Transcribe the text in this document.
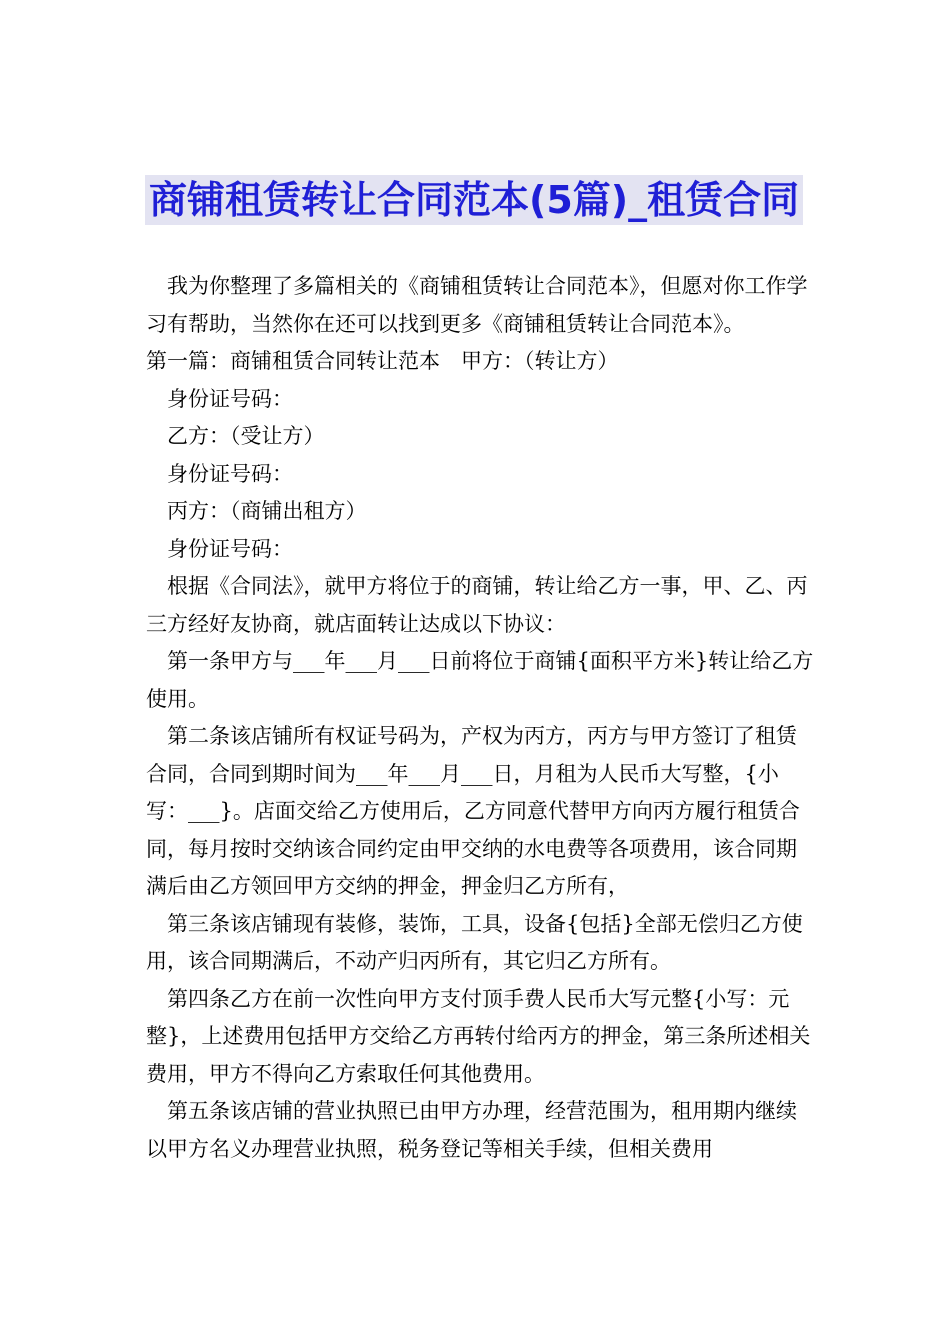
商铺租赁转让合同范本(5篇)_租赁合同

我为你整理了多篇相关的《商铺租赁转让合同范本》，但愿对你工作学习有帮助，当然你在还可以找到更多《商铺租赁转让合同范本》。

第一篇：商铺租赁合同转让范本　甲方：（转让方）

身份证号码：

乙方：（受让方）

身份证号码：

丙方：（商铺出租方）

身份证号码：

根据《合同法》，就甲方将位于的商铺，转让给乙方一事，甲、乙、丙三方经好友协商，就店面转让达成以下协议：

第一条甲方与___年___月___日前将位于商铺{面积平方米}转让给乙方使用。

第二条该店铺所有权证号码为，产权为丙方，丙方与甲方签订了租赁合同，合同到期时间为___年___月___日，月租为人民币大写整，{小写：___}。店面交给乙方使用后，乙方同意代替甲方向丙方履行租赁合同，每月按时交纳该合同约定由甲交纳的水电费等各项费用，该合同期满后由乙方领回甲方交纳的押金，押金归乙方所有，

第三条该店铺现有装修，装饰，工具，设备{包括}全部无偿归乙方使用，该合同期满后，不动产归丙所有，其它归乙方所有。

第四条乙方在前一次性向甲方支付顶手费人民币大写元整{小写：元整}，上述费用包括甲方交给乙方再转付给丙方的押金，第三条所述相关费用，甲方不得向乙方索取任何其他费用。

第五条该店铺的营业执照已由甲方办理，经营范围为，租用期内继续以甲方名义办理营业执照，税务登记等相关手续，但相关费用
